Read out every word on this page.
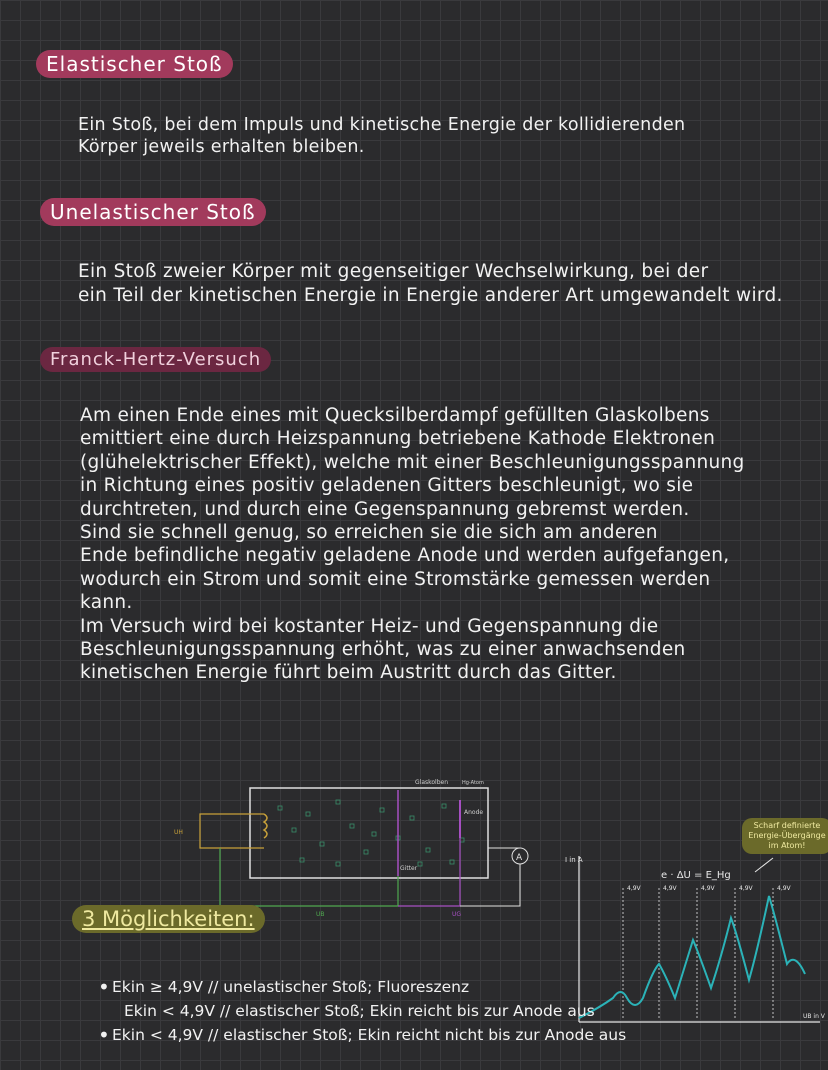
Elastischer Stoß
Ein Stoß, bei dem Impuls und kinetische Energie der kollidierenden
Körper jeweils erhalten bleiben.
Unelastischer Stoß
Ein Stoß zweier Körper mit gegenseitiger Wechselwirkung, bei der
ein Teil der kinetischen Energie in Energie anderer Art umgewandelt wird.
Franck-Hertz-Versuch
Am einen Ende eines mit Quecksilberdampf gefüllten Glaskolbens
emittiert eine durch Heizspannung betriebene Kathode Elektronen
(glühelektrischer Effekt), welche mit einer Beschleunigungsspannung
in Richtung eines positiv geladenen Gitters beschleunigt, wo sie
durchtreten, und durch eine Gegenspannung gebremst werden.
Sind sie schnell genug, so erreichen sie die sich am anderen
Ende befindliche negativ geladene Anode und werden aufgefangen,
wodurch ein Strom und somit eine Stromstärke gemessen werden
kann.
Im Versuch wird bei kostanter Heiz- und Gegenspannung die
Beschleunigungsspannung erhöht, was zu einer anwachsenden
kinetischen Energie führt beim Austritt durch das Gitter.
A
Glaskolben	Hg-Atom
Gitter
Anode
UH
UB	UG
I in A
UB in V
e · ΔU = E_Hg
4,9V	4,9V	4,9V	4,9V	4,9V
Scharf definierte Energie-Übergänge im Atom!
3 Möglichkeiten:
• Ekin ≥ 4,9V // unelastischer Stoß; Fluoreszenz
Ekin < 4,9V // elastischer Stoß; Ekin reicht bis zur Anode aus
• Ekin < 4,9V // elastischer Stoß; Ekin reicht nicht bis zur Anode aus
